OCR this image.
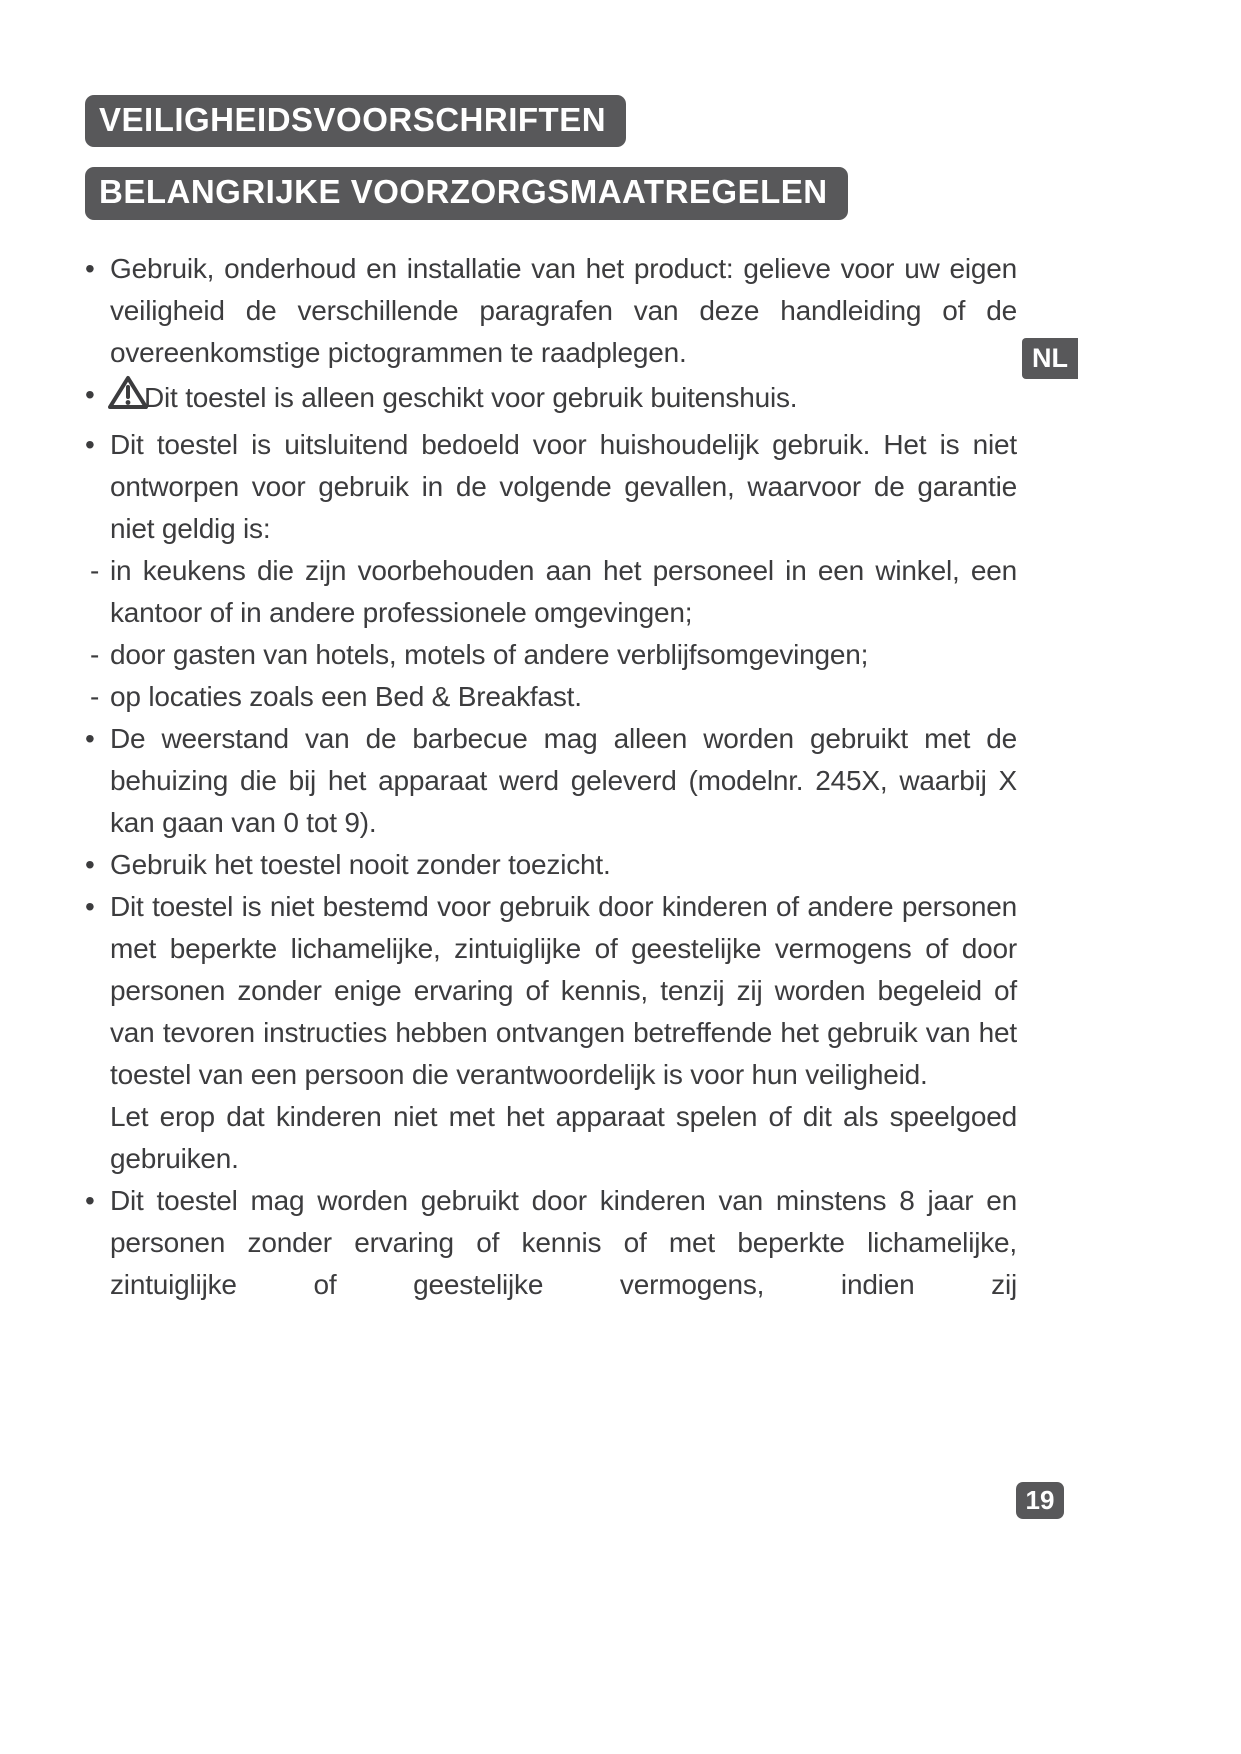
VEILIGHEIDSVOORSCHRIFTEN
BELANGRIJKE VOORZORGSMAATREGELEN
• Gebruik, onderhoud en installatie van het product: gelieve voor uw eigen veiligheid de verschillende paragrafen van deze handleiding of de overeenkomstige pictogrammen te raadplegen.
•	Dit toestel is alleen geschikt voor gebruik buitenshuis.
• Dit toestel is uitsluitend bedoeld voor huishoudelijk gebruik. Het is niet ontworpen voor gebruik in de volgende gevallen, waarvoor de garantie niet geldig is:
- in keukens die zijn voorbehouden aan het personeel in een winkel, een kantoor of in andere professionele omgevingen;
- door gasten van hotels, motels of andere verblijfsomgevingen;
- op locaties zoals een Bed & Breakfast.
• De weerstand van de barbecue mag alleen worden gebruikt met de behuizing die bij het apparaat werd geleverd (modelnr. 245X, waarbij X kan gaan van 0 tot 9).
• Gebruik het toestel nooit zonder toezicht.
• Dit toestel is niet bestemd voor gebruik door kinderen of andere personen met beperkte lichamelijke, zintuiglijke of geestelijke vermogens of door personen zonder enige ervaring of kennis, tenzij zij worden begeleid of van tevoren instructies hebben ontvangen betreffende het gebruik van het toestel van een persoon die verantwoordelijk is voor hun veiligheid.
Let erop dat kinderen niet met het apparaat spelen of dit als speelgoed gebruiken.
• Dit toestel mag worden gebruikt door kinderen van minstens 8 jaar en personen zonder ervaring of kennis of met beperkte lichamelijke, zintuiglijke of geestelijke vermogens, indien zij
NL
19
